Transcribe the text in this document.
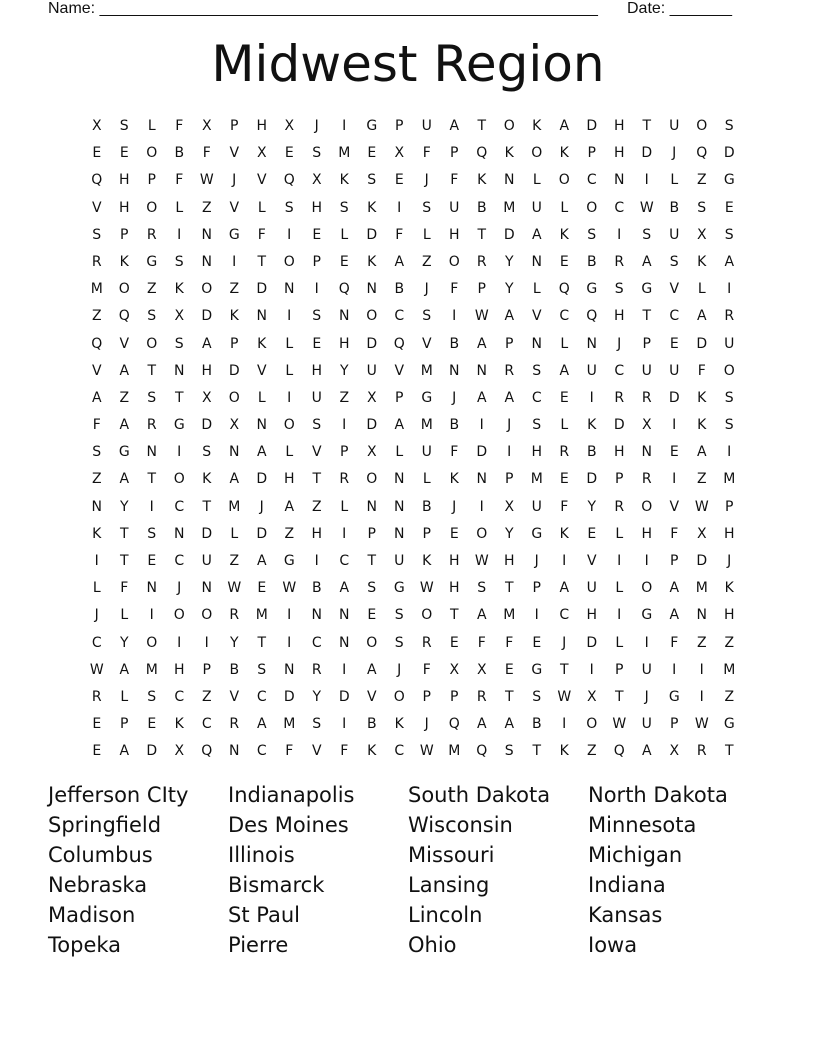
Name: ________________________________________________________ Date: _______
Midwest Region
X	S	L	F	X	P	H	X	J	I	G	P	U	A	T	O	K	A	D	H	T	U	O	S
E	E	O	B	F	V	X	E	S	M	E	X	F	P	Q	K	O	K	P	H	D	J	Q	D
Q	H	P	F	W	J	V	Q	X	K	S	E	J	F	K	N	L	O	C	N	I	L	Z	G
V	H	O	L	Z	V	L	S	H	S	K	I	S	U	B	M	U	L	O	C	W	B	S	E
S	P	R	I	N	G	F	I	E	L	D	F	L	H	T	D	A	K	S	I	S	U	X	S
R	K	G	S	N	I	T	O	P	E	K	A	Z	O	R	Y	N	E	B	R	A	S	K	A
M	O	Z	K	O	Z	D	N	I	Q	N	B	J	F	P	Y	L	Q	G	S	G	V	L	I
Z	Q	S	X	D	K	N	I	S	N	O	C	S	I	W	A	V	C	Q	H	T	C	A	R
Q	V	O	S	A	P	K	L	E	H	D	Q	V	B	A	P	N	L	N	J	P	E	D	U
V	A	T	N	H	D	V	L	H	Y	U	V	M	N	N	R	S	A	U	C	U	U	F	O
A	Z	S	T	X	O	L	I	U	Z	X	P	G	J	A	A	C	E	I	R	R	D	K	S
F	A	R	G	D	X	N	O	S	I	D	A	M	B	I	J	S	L	K	D	X	I	K	S
S	G	N	I	S	N	A	L	V	P	X	L	U	F	D	I	H	R	B	H	N	E	A	I
Z	A	T	O	K	A	D	H	T	R	O	N	L	K	N	P	M	E	D	P	R	I	Z	M
N	Y	I	C	T	M	J	A	Z	L	N	N	B	J	I	X	U	F	Y	R	O	V	W	P
K	T	S	N	D	L	D	Z	H	I	P	N	P	E	O	Y	G	K	E	L	H	F	X	H
I	T	E	C	U	Z	A	G	I	C	T	U	K	H	W	H	J	I	V	I	I	P	D	J
L	F	N	J	N	W	E	W	B	A	S	G	W	H	S	T	P	A	U	L	O	A	M	K
J	L	I	O	O	R	M	I	N	N	E	S	O	T	A	M	I	C	H	I	G	A	N	H
C	Y	O	I	I	Y	T	I	C	N	O	S	R	E	F	F	E	J	D	L	I	F	Z	Z
W	A	M	H	P	B	S	N	R	I	A	J	F	X	X	E	G	T	I	P	U	I	I	M
R	L	S	C	Z	V	C	D	Y	D	V	O	P	P	R	T	S	W	X	T	J	G	I	Z
E	P	E	K	C	R	A	M	S	I	B	K	J	Q	A	A	B	I	O	W	U	P	W	G
E	A	D	X	Q	N	C	F	V	F	K	C	W	M	Q	S	T	K	Z	Q	A	X	R	T
Jefferson CIty
Springfield
Columbus
Nebraska
Madison
Topeka
Indianapolis
Des Moines
Illinois
Bismarck
St Paul
Pierre
South Dakota
Wisconsin
Missouri
Lansing
Lincoln
Ohio
North Dakota
Minnesota
Michigan
Indiana
Kansas
Iowa
